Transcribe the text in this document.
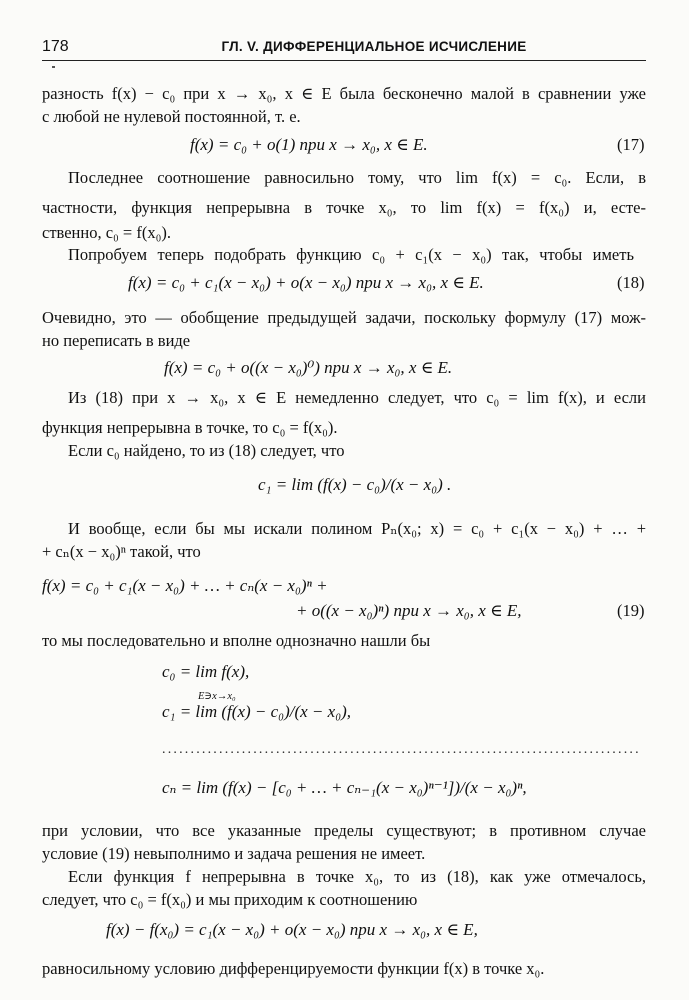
178	ГЛ. V. ДИФФЕРЕНЦИАЛЬНОЕ ИСЧИСЛЕНИЕ
разность f(x) − c₀ при x → x₀, x ∈ E была бесконечно малой в сравнении уже
с любой не нулевой постоянной, т. е.
f(x) = c₀ + o(1) при x → x₀, x ∈ E.	(17)
Последнее соотношение равносильно тому, что lim f(x) = c₀. Если, в
частности, функция непрерывна в точке x₀, то lim f(x) = f(x₀) и, есте-
ственно, c₀ = f(x₀).
Попробуем теперь подобрать функцию c₀ + c₁(x − x₀) так, чтобы иметь
f(x) = c₀ + c₁(x − x₀) + o(x − x₀) при x → x₀, x ∈ E.	(18)
Очевидно, это — обобщение предыдущей задачи, поскольку формулу (17) мож-
но переписать в виде
f(x) = c₀ + o((x − x₀)⁰) при x → x₀, x ∈ E.
Из (18) при x → x₀, x ∈ E немедленно следует, что c₀ = lim f(x), и если
функция непрерывна в точке, то c₀ = f(x₀).
Если c₀ найдено, то из (18) следует, что
c₁ = lim (f(x) − c₀)/(x − x₀) .
И вообще, если бы мы искали полином Pₙ(x₀; x) = c₀ + c₁(x − x₀) + … +
+ cₙ(x − x₀)ⁿ такой, что
f(x) = c₀ + c₁(x − x₀) + … + cₙ(x − x₀)ⁿ +
+ o((x − x₀)ⁿ) при x → x₀, x ∈ E,	(19)
то мы последовательно и вполне однозначно нашли бы
c₀ = lim f(x),
c₁ = lim (f(x) − c₀)/(x − x₀),
....................................................................................
cₙ = lim (f(x) − [c₀ + … + cₙ₋₁(x − x₀)ⁿ⁻¹])/(x − x₀)ⁿ,
E∋x→x₀
при условии, что все указанные пределы существуют; в противном случае
условие (19) невыполнимо и задача решения не имеет.
Если функция f непрерывна в точке x₀, то из (18), как уже отмечалось,
следует, что c₀ = f(x₀) и мы приходим к соотношению
f(x) − f(x₀) = c₁(x − x₀) + o(x − x₀) при x → x₀, x ∈ E,
равносильному условию дифференцируемости функции f(x) в точке x₀.
